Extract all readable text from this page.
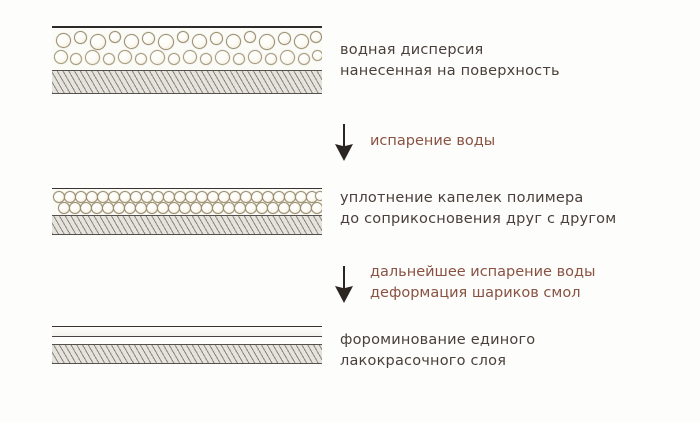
водная дисперсия
нанесенная на поверхность
испарение воды
уплотнение капелек полимера
до соприкосновения друг с другом
дальнейшее испарение воды
деформация шариков смол
фороминование единого
лакокрасочного слоя
